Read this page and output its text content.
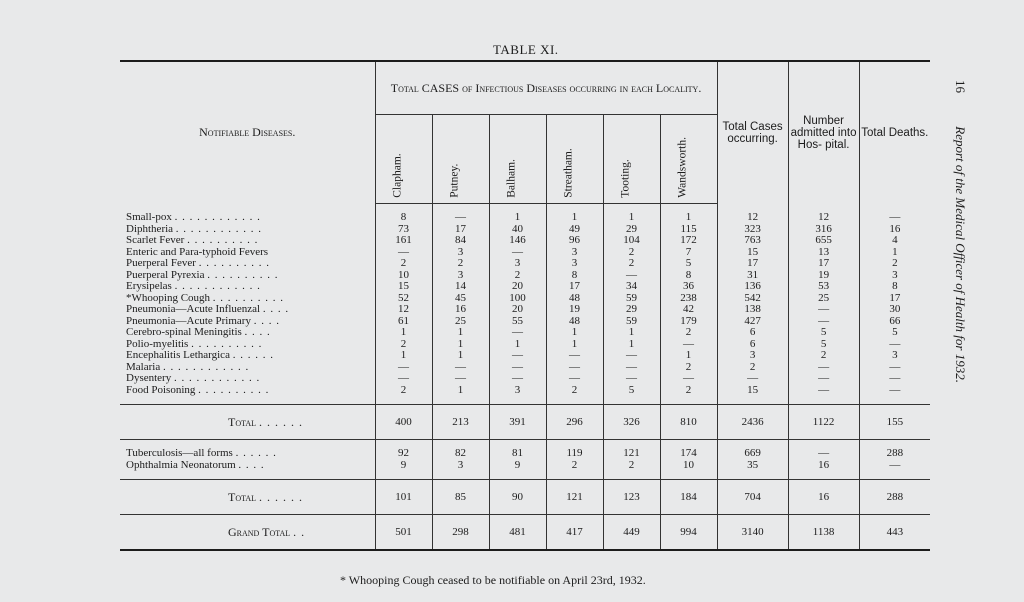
TABLE XI.
Notifiable Diseases.	Total CASES of Infectious Diseases occurring in each Locality.						Total Cases occurring.	Number admitted into Hos- pital.	Total Deaths.

	Clapham.	Putney.	Balham.	Streatham.	Tooting.	Wandsworth.			

Small-pox . . . . . . . . . . . .	8	—	1	1	1	1	12	12	—
Diphtheria . . . . . . . . . . . .	73	17	40	49	29	115	323	316	16
Scarlet Fever . . . . . . . . . .	161	84	146	96	104	172	763	655	4
Enteric and Para-typhoid Fevers	—	3	—	3	2	7	15	13	1
Puerperal Fever . . . . . . . . . .	2	2	3	3	2	5	17	17	2
Puerperal Pyrexia . . . . . . . . . .	10	3	2	8	—	8	31	19	3
Erysipelas . . . . . . . . . . . .	15	14	20	17	34	36	136	53	8
*Whooping Cough . . . . . . . . . .	52	45	100	48	59	238	542	25	17
Pneumonia—Acute Influenzal . . . .	12	16	20	19	29	42	138	—	30
Pneumonia—Acute Primary . . . .	61	25	55	48	59	179	427	—	66
Cerebro-spinal Meningitis . . . .	1	1	—	1	1	2	6	5	5
Polio-myelitis . . . . . . . . . .	2	1	1	1	1	—	6	5	—
Encephalitis Lethargica . . . . . .	1	1	—	—	—	1	3	2	3
Malaria . . . . . . . . . . . .	—	—	—	—	—	2	2	—	—
Dysentery . . . . . . . . . . . .	—	—	—	—	—	—	—	—	—
Food Poisoning . . . . . . . . . .	2	1	3	2	5	2	15	—	—

Total . . . . . .	400	213	391	296	326	810	2436	1122	155

Tuberculosis—all forms . . . . . .	92	82	81	119	121	174	669	—	288
Ophthalmia Neonatorum . . . .	9	3	9	2	2	10	35	16	—

Total . . . . . .	101	85	90	121	123	184	704	16	288
Grand Total . .	501	298	481	417	449	994	3140	1138	443
* Whooping Cough ceased to be notifiable on April 23rd, 1932.
16 Report of the Medical Officer of Health for 1932.
